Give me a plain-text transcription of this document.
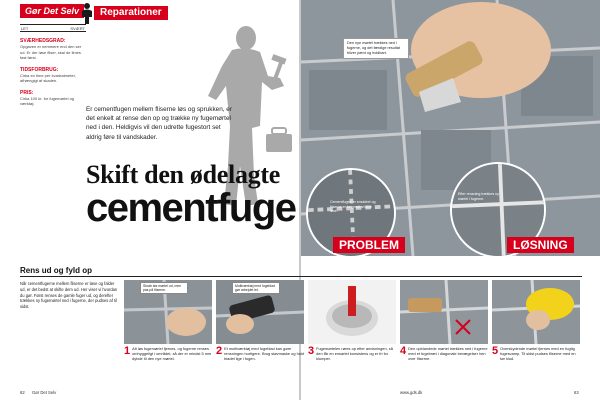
Gør Det Selv	Reparationer
LET	SVÆRT
SVÆRHEDSGRAD:
Opgaven er nemmere end den ser ud. Er der løse fliser, skal de limes fast først.
TIDSFORBRUG:
Cirka en time per kvadratmeter, afhængigt af skaden.
PRIS:
Cirka 100 kr. for fugemørtel og værktøj.

Er cementfugen mellem fliserne løs og sprukken, er det enkelt at rense den op og trække ny fugemørtel ned i den. Heldigvis vil den udrette fugestort set aldrig føre til vandskader.

Skift den ødelagte
cementfuge
Den nye mørtel trækkes ned i fugerne, og det færdige resultat bliver pænt og holdbart.
Cementfugen er smuldret og fliserne er begyndt at blive løse.
Efter rensning trækkes ny mørtel i fugerne.
PROBLEM	LØSNING
Rens ud og fyld op

Når cementfugerne mellem fliserne er løse og falder ud, er det bedst at skifte dem ud. Her viser vi hvordan du gør. Først renses de gamle fuger ud, og derefter trækkes ny fugemørtel ned i fugerne, der pudses af til sidst.

Skrab løs mørtel ud, men pas på fliserne.
1 Alt løs fugemørtel fjernes, og fugerne renses omhyggeligt i området, så der er mindst 5 mm dybde til den nye mørtel.
Multiværktøj med fugeblad gør arbejdet let.
2 Et multiværktøj med fugeblad kan gøre rensningen hurtigere. Brug støvmaske og hold bladet lige i fugen.
3 Fugemørtelen røres op efter anvisningen, så den får en ensartet konsistens og er fri for klumper.
4 Den opblandede mørtel trækkes ned i fugerne med et fugebræt i diagonale bevægelser hen over fliserne.
5 Overskydende mørtel fjernes med en fugtig fugesvamp. Til sidst pudses fliserne med en tør klud.
62 Gør Det Selv	www.gds.dk	63
